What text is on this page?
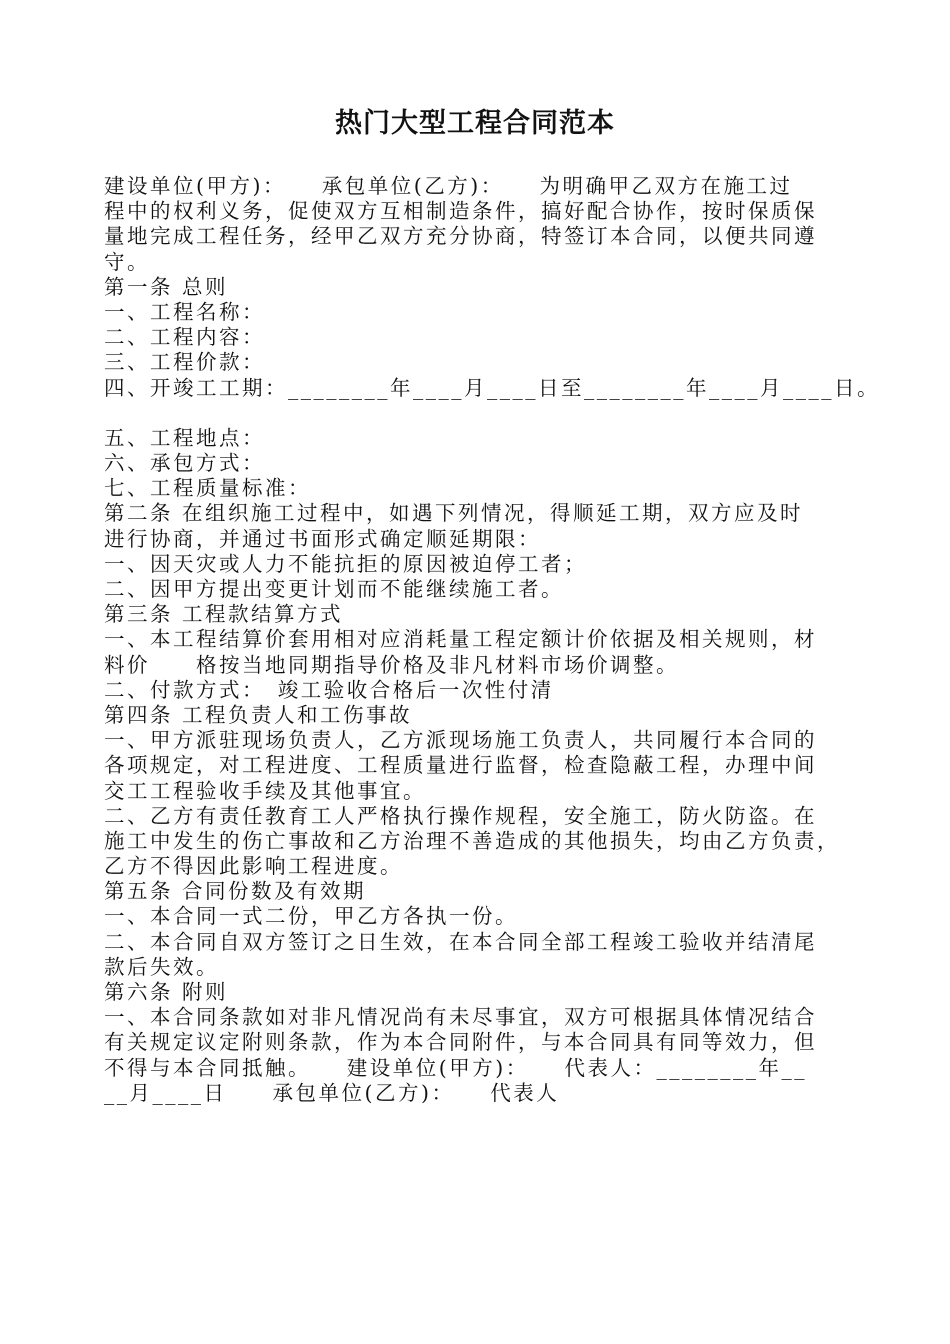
热门大型工程合同范本
建设单位(甲方)：　　承包单位(乙方)：　　为明确甲乙双方在施工过
程中的权利义务，促使双方互相制造条件，搞好配合协作，按时保质保
量地完成工程任务，经甲乙双方充分协商，特签订本合同，以便共同遵
守。
第一条 总则
一、工程名称：
二、工程内容：
三、工程价款：
四、开竣工工期：________年____月____日至________年____月____日。
五、工程地点：
六、承包方式：
七、工程质量标准：
第二条 在组织施工过程中，如遇下列情况，得顺延工期，双方应及时
进行协商，并通过书面形式确定顺延期限：
一、因天灾或人力不能抗拒的原因被迫停工者；
二、因甲方提出变更计划而不能继续施工者。
第三条 工程款结算方式
一、本工程结算价套用相对应消耗量工程定额计价依据及相关规则，材
料价　　格按当地同期指导价格及非凡材料市场价调整。
二、付款方式：　竣工验收合格后一次性付清
第四条 工程负责人和工伤事故
一、甲方派驻现场负责人，乙方派现场施工负责人，共同履行本合同的
各项规定，对工程进度、工程质量进行监督，检查隐蔽工程，办理中间
交工工程验收手续及其他事宜。
二、乙方有责任教育工人严格执行操作规程，安全施工，防火防盗。在
施工中发生的伤亡事故和乙方治理不善造成的其他损失，均由乙方负责，
乙方不得因此影响工程进度。
第五条 合同份数及有效期
一、本合同一式二份，甲乙方各执一份。
二、本合同自双方签订之日生效，在本合同全部工程竣工验收并结清尾
款后失效。
第六条 附则
一、本合同条款如对非凡情况尚有未尽事宜，双方可根据具体情况结合
有关规定议定附则条款，作为本合同附件，与本合同具有同等效力，但
不得与本合同抵触。　　建设单位(甲方)：　　代表人：________年__
__月____日　　承包单位(乙方)：　　代表人
